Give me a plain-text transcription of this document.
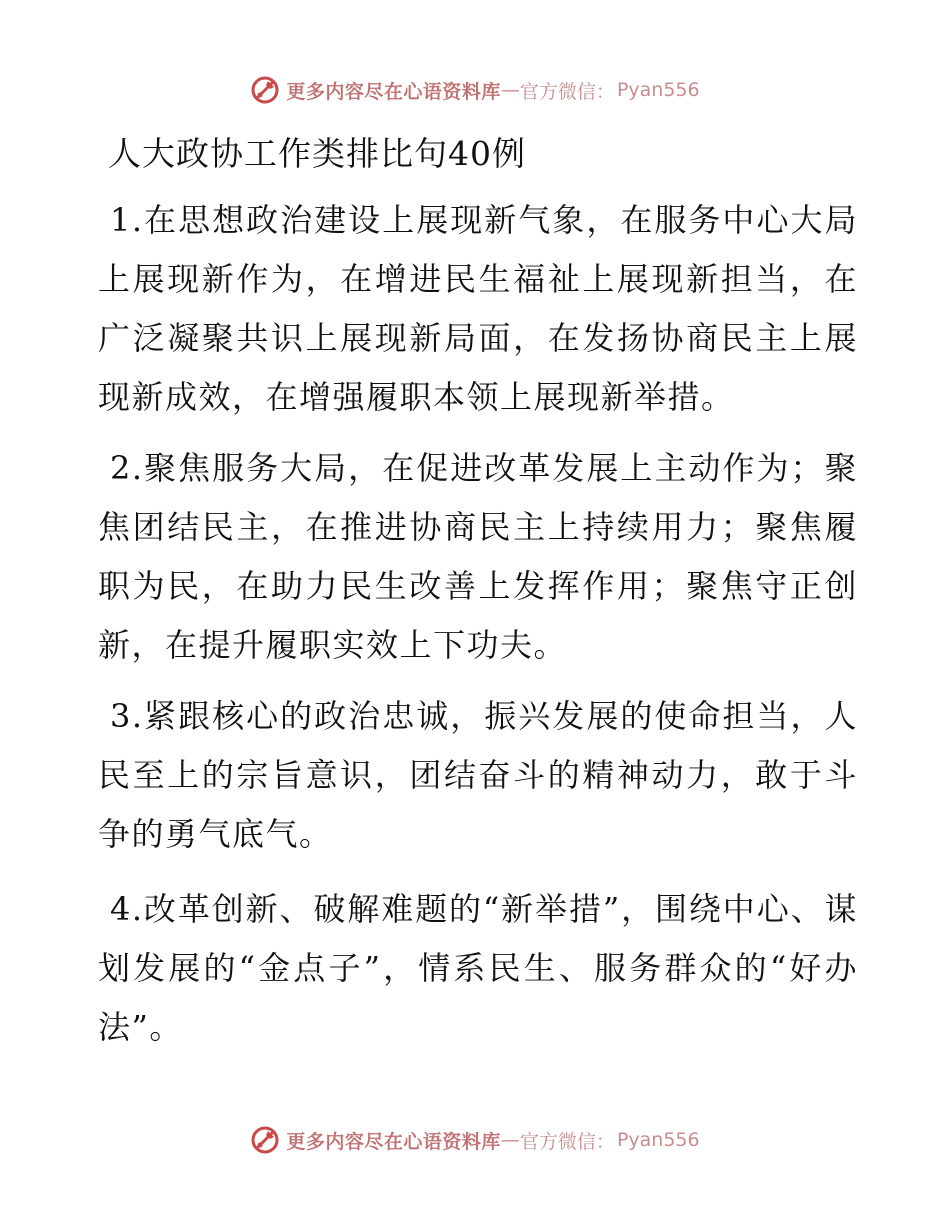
更多内容尽在心语资料库 — 官方微信： Pyan556
人大政协工作类排比句40例
1.在思想政治建设上展现新气象，在服务中心大局上展现新作为，在增进民生福祉上展现新担当，在广泛凝聚共识上展现新局面，在发扬协商民主上展现新成效，在增强履职本领上展现新举措。
2.聚焦服务大局，在促进改革发展上主动作为；聚焦团结民主，在推进协商民主上持续用力；聚焦履职为民，在助力民生改善上发挥作用；聚焦守正创新，在提升履职实效上下功夫。
3.紧跟核心的政治忠诚，振兴发展的使命担当，人民至上的宗旨意识，团结奋斗的精神动力，敢于斗争的勇气底气。
4.改革创新、破解难题的“新举措”，围绕中心、谋划发展的“金点子”，情系民生、服务群众的“好办法”。
更多内容尽在心语资料库 — 官方微信： Pyan556
